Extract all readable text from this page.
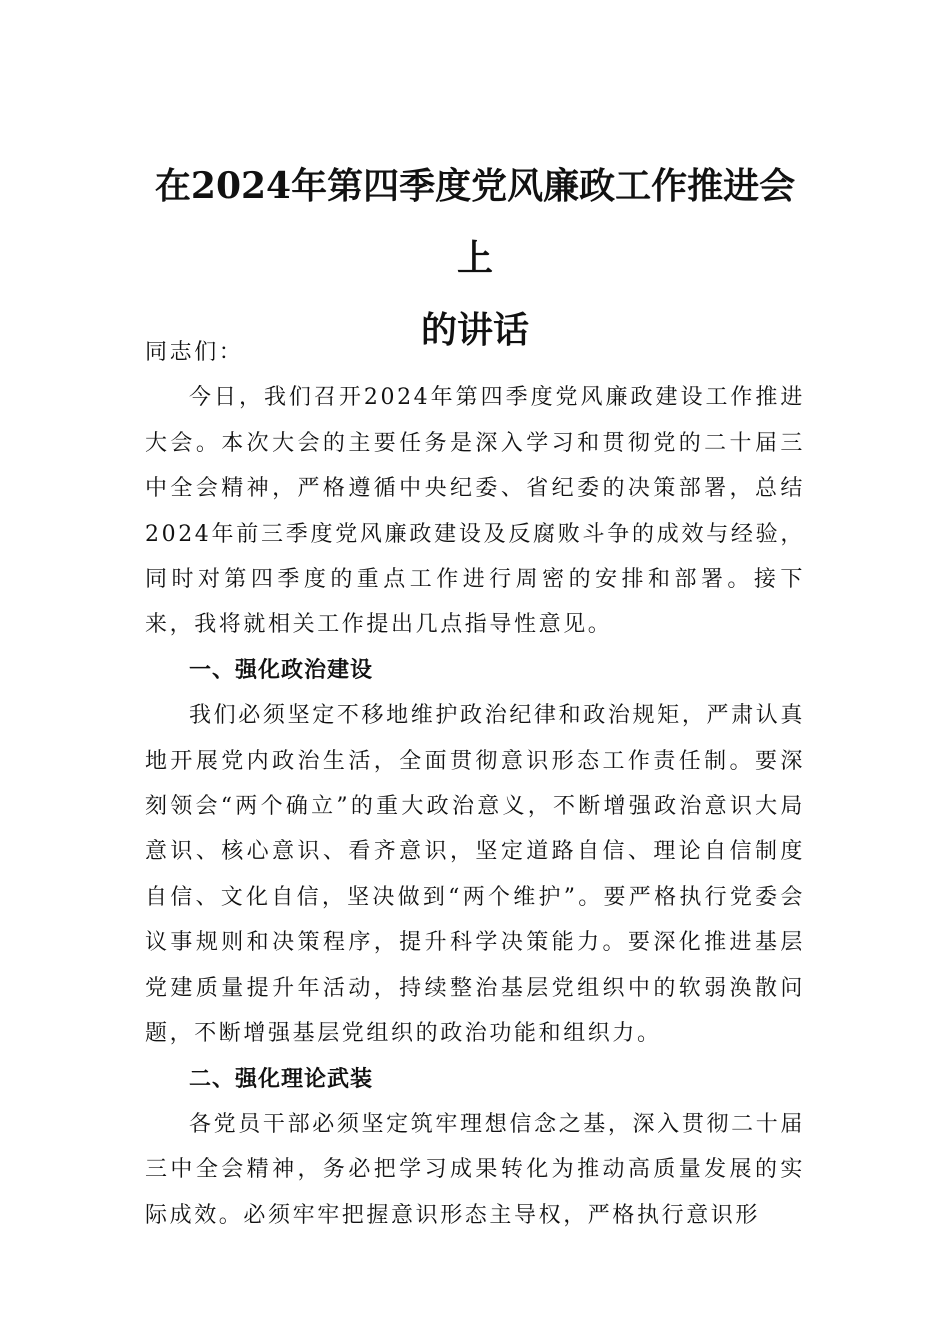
在2024年第四季度党风廉政工作推进会上
的讲话

同志们：

今日，我们召开2024年第四季度党风廉政建设工作推进大会。本次大会的主要任务是深入学习和贯彻党的二十届三中全会精神，严格遵循中央纪委、省纪委的决策部署，总结2024年前三季度党风廉政建设及反腐败斗争的成效与经验，同时对第四季度的重点工作进行周密的安排和部署。接下来，我将就相关工作提出几点指导性意见。

一、强化政治建设

我们必须坚定不移地维护政治纪律和政治规矩，严肃认真地开展党内政治生活，全面贯彻意识形态工作责任制。要深刻领会“两个确立”的重大政治意义，不断增强政治意识大局意识、核心意识、看齐意识，坚定道路自信、理论自信制度自信、文化自信，坚决做到“两个维护”。要严格执行党委会议事规则和决策程序，提升科学决策能力。要深化推进基层党建质量提升年活动，持续整治基层党组织中的软弱涣散问题，不断增强基层党组织的政治功能和组织力。

二、强化理论武装

各党员干部必须坚定筑牢理想信念之基，深入贯彻二十届三中全会精神，务必把学习成果转化为推动高质量发展的实际成效。必须牢牢把握意识形态主导权，严格执行意识形
